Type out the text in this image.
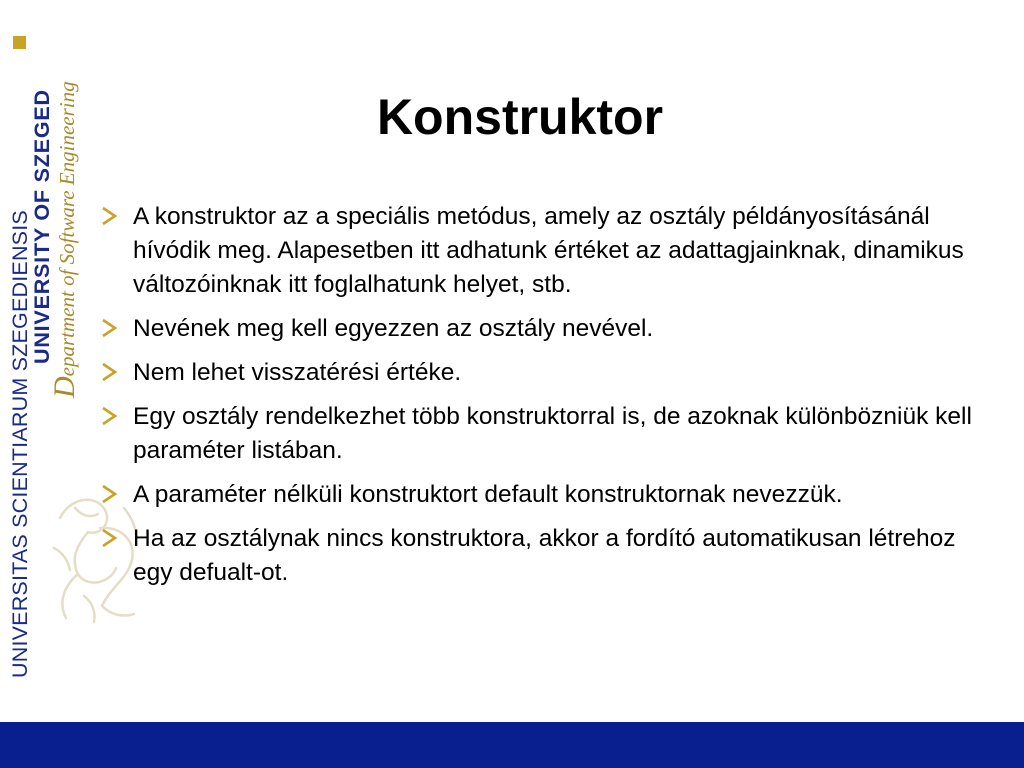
UNIVERSITAS SCIENTIARUM SZEGEDIENSIS
UNIVERSITY OF SZEGED
Department of Software Engineering	Konstruktor
A konstruktor az a speciális metódus, amely az osztály példányosításánál hívódik meg. Alapesetben itt adhatunk értéket az adattagjainknak, dinamikus változóinknak itt foglalhatunk helyet, stb.
Nevének meg kell egyezzen az osztály nevével.
Nem lehet visszatérési értéke.
Egy osztály rendelkezhet több konstruktorral is, de azoknak különbözniük kell paraméter listában.
A paraméter nélküli konstruktort default konstruktornak nevezzük.
Ha az osztálynak nincs konstruktora, akkor a fordító automatikusan létrehoz egy defualt-ot.
